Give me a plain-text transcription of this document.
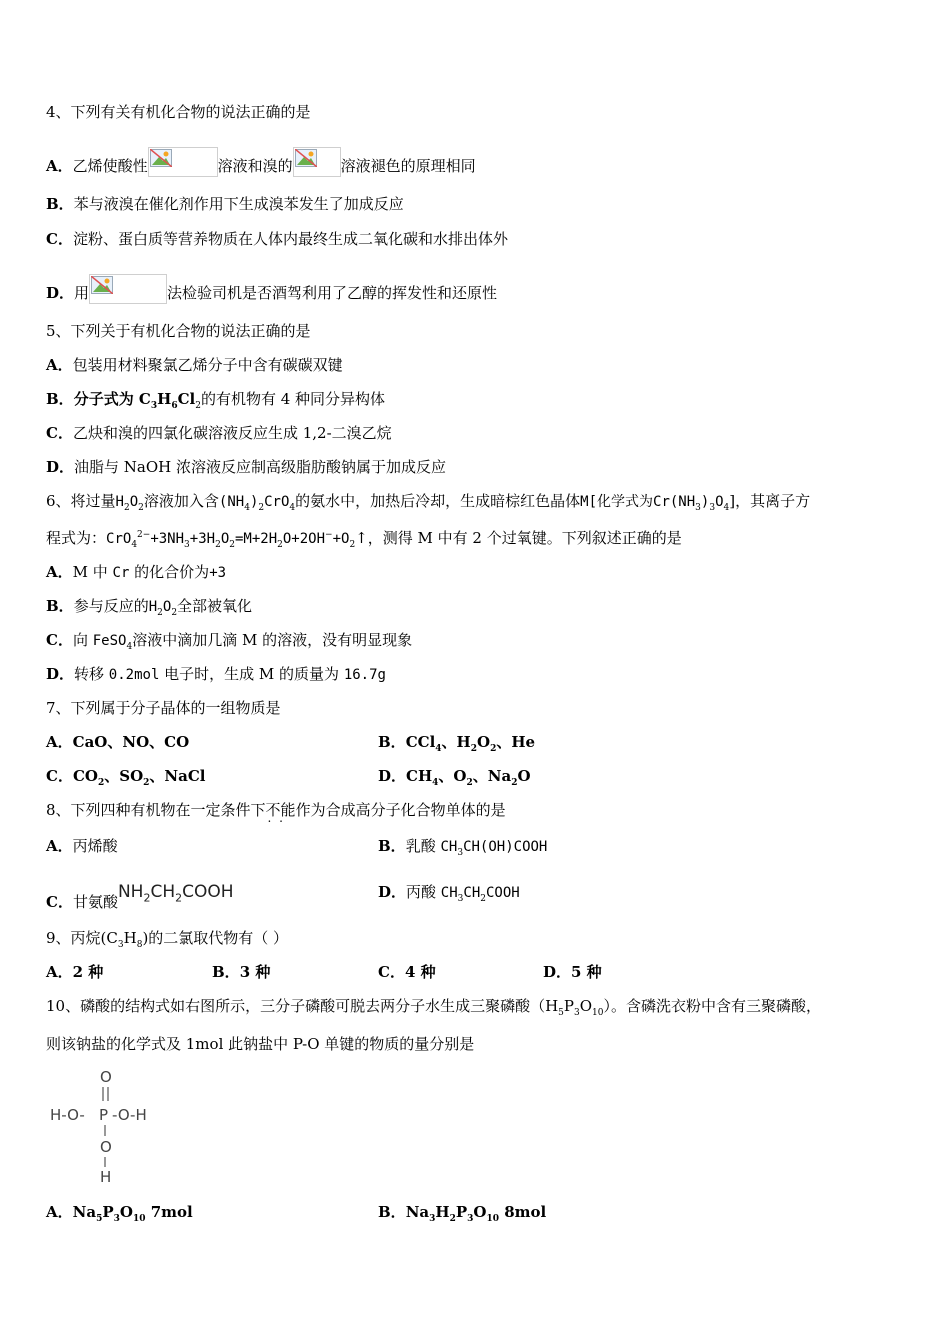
4、下列有关有机化合物的说法正确的是
A．乙烯使酸性	溶液和溴的	溶液褪色的原理相同
B．苯与液溴在催化剂作用下生成溴苯发生了加成反应
C．淀粉、蛋白质等营养物质在人体内最终生成二氧化碳和水排出体外
D．用	法检验司机是否酒驾利用了乙醇的挥发性和还原性
5、下列关于有机化合物的说法正确的是
A．包装用材料聚氯乙烯分子中含有碳碳双键
B．分子式为 $C_3H_6Cl_2$的有机物有 4 种同分异构体
C．乙炔和溴的四氯化碳溶液反应生成 1,2-二溴乙烷
D．油脂与 NaOH 浓溶液反应制高级脂肪酸钠属于加成反应
6、将过量$H_2O_2$溶液加入含$(NH_4)_2CrO_4$的氨水中，加热后冷却，生成暗棕红色晶体M[化学式为$Cr(NH_3)_3O_4$]，其离子方
程式为：$CrO_4^{2-}+3NH_3+3H_2O_2=M+2H_2O+2OH^-+O_2↑$，测得 M 中有 2 个过氧键。下列叙述正确的是
A．M 中 Cr 的化合价为+3
B．参与反应的$H_2O_2$全部被氧化
C．向 FeSO$_4$溶液中滴加几滴 M 的溶液，没有明显现象
D．转移 0.2mol 电子时，生成 M 的质量为 16.7g
7、下列属于分子晶体的一组物质是
A．CaO、NO、CO	B．CCl$_4$、$H_2O_2$、He
C．$CO_2$、$SO_2$、NaCl	D．$CH_4$、$O_2$、$Na_2O$
8、下列四种有机物在一定条件下不能 . .作为合成高分子化合物单体的是
A．丙烯酸	B．乳酸 $CH_3CH(OH)COOH$
C．甘氨酸$NH_2CH_2COOH$	D．丙酸 $CH_3CH_2COOH$
9、丙烷$(C_3H_8)$的二氯取代物有（ ）
A．2 种	B．3 种	C．4 种	D．5 种
10、磷酸的结构式如右图所示，三分子磷酸可脱去两分子水生成三聚磷酸$(H_5P_3O_{10})$。含磷洗衣粉中含有三聚磷酸，
则该钠盐的化学式及 1mol 此钠盐中 P-O 单键的物质的量分别是
O
H-O- P -O-H
O
H
A．$Na_5P_3O_{10}$ 7mol	B．$Na_3H_2P_3O_{10}$ 8mol
